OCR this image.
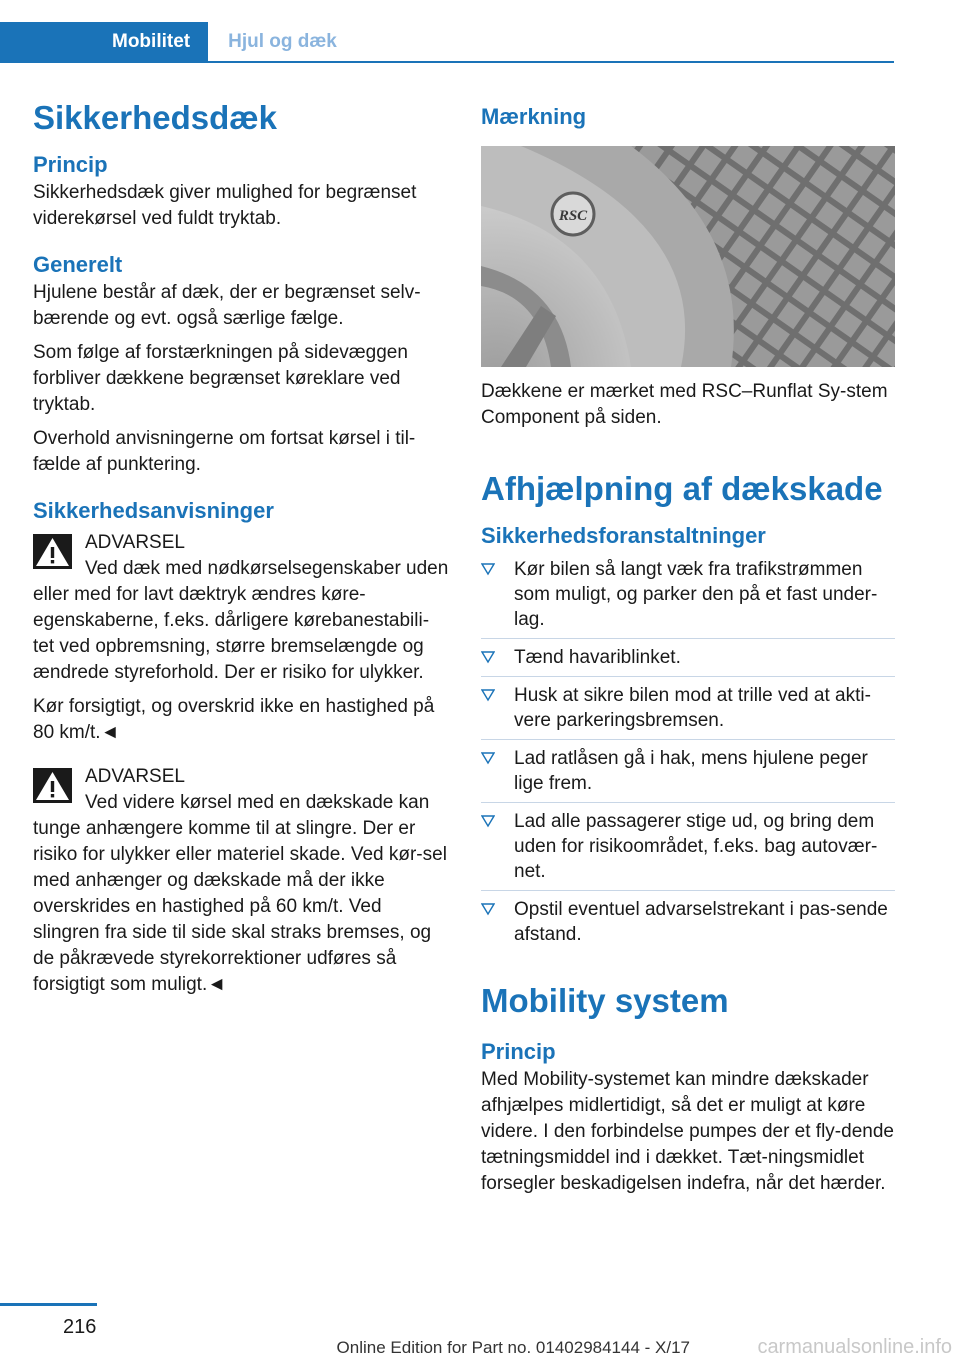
Mobilitet	Hjul og dæk
Sikkerhedsdæk
Princip

Sikkerhedsdæk giver mulighed for begrænset viderekørsel ved fuldt tryktab.

Generelt

Hjulene består af dæk, der er begrænset selv-bærende og evt. også særlige fælge.

Som følge af forstærkningen på sidevæggen forbliver dækkene begrænset køreklare ved tryktab.

Overhold anvisningerne om fortsat kørsel i til-fælde af punktering.

Sikkerhedsanvisninger
ADVARSEL
Ved dæk med nødkørselsegenskaber uden eller med for lavt dæktryk ændres køre-egenskaberne, f.eks. dårligere kørebanestabili-tet ved opbremsning, større bremselængde og ændrede styreforhold. Der er risiko for ulykker.

Kør forsigtigt, og overskrid ikke en hastighed på 80 km/t.◄

ADVARSEL
Ved videre kørsel med en dækskade kan tunge anhængere komme til at slingre. Der er risiko for ulykker eller materiel skade. Ved kør-sel med anhænger og dækskade må der ikke overskrides en hastighed på 60 km/t. Ved slingren fra side til side skal straks bremses, og de påkrævede styrekorrektioner udføres så forsigtigt som muligt.◄
Mærkning
RSC

Dækkene er mærket med RSC–Runflat Sy-stem Component på siden.

Afhjælpning af dækskade
Sikkerhedsforanstaltninger
Kør bilen så langt væk fra trafikstrømmen som muligt, og parker den på et fast under-lag.
Tænd havariblinket.
Husk at sikre bilen mod at trille ved at akti-vere parkeringsbremsen.
Lad ratlåsen gå i hak, mens hjulene peger lige frem.
Lad alle passagerer stige ud, og bring dem uden for risikoområdet, f.eks. bag autovær-net.
Opstil eventuel advarselstrekant i pas-sende afstand.
Mobility system
Princip

Med Mobility-systemet kan mindre dækskader afhjælpes midlertidigt, så det er muligt at køre videre. I den forbindelse pumpes der et fly-dende tætningsmiddel ind i dækket. Tæt-ningsmidlet forsegler beskadigelsen indefra, når det hærder.

216
Online Edition for Part no. 01402984144 - X/17	carmanualsonline.info
